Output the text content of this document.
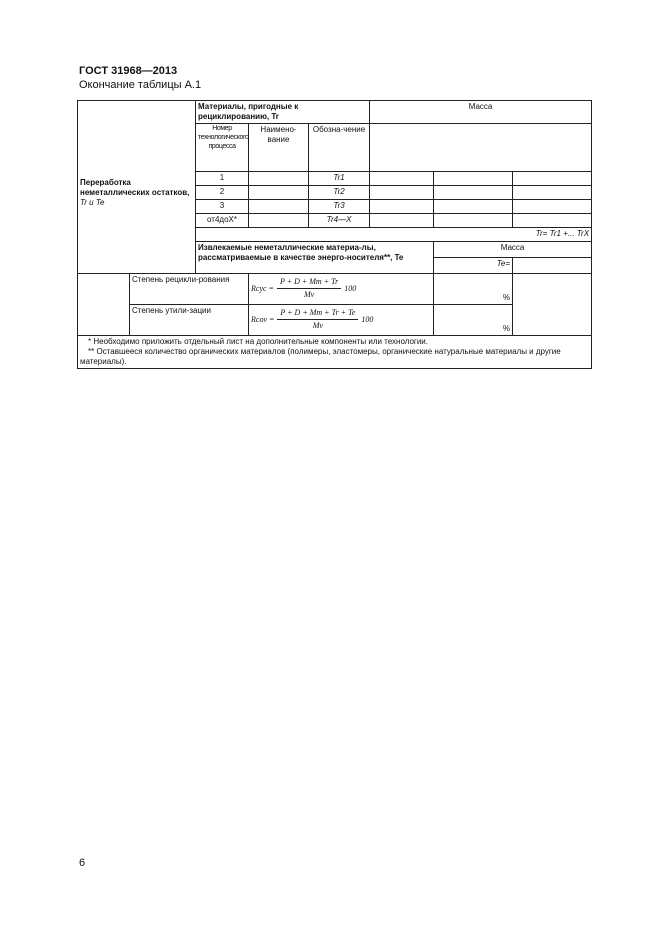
ГОСТ 31968—2013
Окончание таблицы А.1
Переработка неметаллических остатков, Tr и Te		Материалы, пригодные к рециклированию, Tr			Масса		
		Номер технологического процесса	Наимено-вание	Обозна-чение			
		1		Tr1			
		2		Tr2			
		3		Tr3			
		от4доX*		Tr4—X			
							Tr= Tr1 +... TrX
		Извлекаемые неметаллические материа-лы, рассматриваемые в качестве энерго-носителя**, Te				Масса	
						Te=	
	Степень рецикли-рования		Rcyc = $\frac{P + D + Mm + Tr}{Mv} 100$			%	
	Степень утили-зации		Rcov = $\frac{P + D + Mm + Tr + Te}{Mv} 100$			%	

* Необходимо приложить отдельный лист на дополнительные компоненты или технологии.
** Оставшееся количество органических материалов (полимеры, эластомеры, органические натуральные материалы и другие материалы).							
6
